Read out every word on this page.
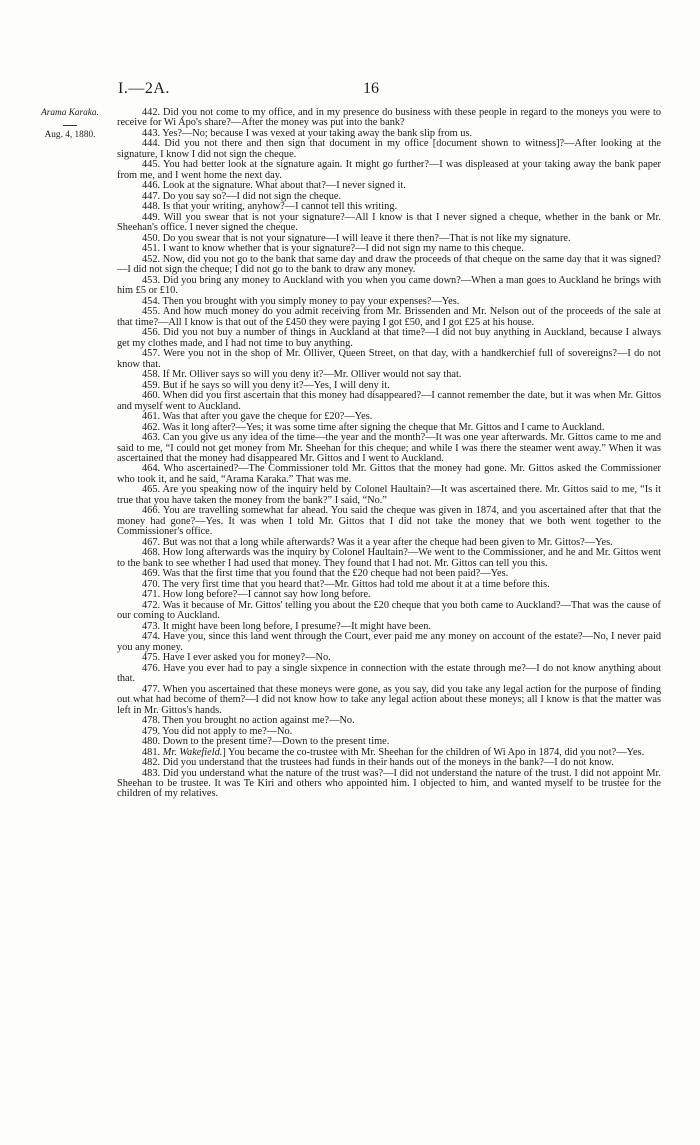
I.—2A.	16
Arama Karaka.
Aug. 4, 1880.

442. Did you not come to my office, and in my presence do business with these people in regard to the moneys you were to receive for Wi Apo's share?—After the money was put into the bank?

443. Yes?—No; because I was vexed at your taking away the bank slip from us.

444. Did you not there and then sign that document in my office [document shown to witness]?—After looking at the signature, I know I did not sign the cheque.

445. You had better look at the signature again. It might go further?—I was displeased at your taking away the bank paper from me, and I went home the next day.

446. Look at the signature. What about that?—I never signed it.

447. Do you say so?—I did not sign the cheque.

448. Is that your writing, anyhow?—I cannot tell this writing.

449. Will you swear that is not your signature?—All I know is that I never signed a cheque, whether in the bank or Mr. Sheehan's office. I never signed the cheque.

450. Do you swear that is not your signature—I will leave it there then?—That is not like my signature.

451. I want to know whether that is your signature?—I did not sign my name to this cheque.

452. Now, did you not go to the bank that same day and draw the proceeds of that cheque on the same day that it was signed?—I did not sign the cheque; I did not go to the bank to draw any money.

453. Did you bring any money to Auckland with you when you came down?—When a man goes to Auckland he brings with him £5 or £10.

454. Then you brought with you simply money to pay your expenses?—Yes.

455. And how much money do you admit receiving from Mr. Brissenden and Mr. Nelson out of the proceeds of the sale at that time?—All I know is that out of the £450 they were paying I got £50, and I got £25 at his house.

456. Did you not buy a number of things in Auckland at that time?—I did not buy anything in Auckland, because I always get my clothes made, and I had not time to buy anything.

457. Were you not in the shop of Mr. Olliver, Queen Street, on that day, with a handkerchief full of sovereigns?—I do not know that.

458. If Mr. Olliver says so will you deny it?—Mr. Olliver would not say that.

459. But if he says so will you deny it?—Yes, I will deny it.

460. When did you first ascertain that this money had disappeared?—I cannot remember the date, but it was when Mr. Gittos and myself went to Auckland.

461. Was that after you gave the cheque for £20?—Yes.

462. Was it long after?—Yes; it was some time after signing the cheque that Mr. Gittos and I came to Auckland.

463. Can you give us any idea of the time—the year and the month?—It was one year afterwards. Mr. Gittos came to me and said to me, “I could not get money from Mr. Sheehan for this cheque; and while I was there the steamer went away.” When it was ascertained that the money had disappeared Mr. Gittos and I went to Auckland.

464. Who ascertained?—The Commissioner told Mr. Gittos that the money had gone. Mr. Gittos asked the Commissioner who took it, and he said, “Arama Karaka.” That was me.

465. Are you speaking now of the inquiry held by Colonel Haultain?—It was ascertained there. Mr. Gittos said to me, “Is it true that you have taken the money from the bank?” I said, “No.”

466. You are travelling somewhat far ahead. You said the cheque was given in 1874, and you ascertained after that that the money had gone?—Yes. It was when I told Mr. Gittos that I did not take the money that we both went together to the Commissioner's office.

467. But was not that a long while afterwards? Was it a year after the cheque had been given to Mr. Gittos?—Yes.

468. How long afterwards was the inquiry by Colonel Haultain?—We went to the Commissioner, and he and Mr. Gittos went to the bank to see whether I had used that money. They found that I had not. Mr. Gittos can tell you this.

469. Was that the first time that you found that the £20 cheque had not been paid?—Yes.

470. The very first time that you heard that?—Mr. Gittos had told me about it at a time before this.

471. How long before?—I cannot say how long before.

472. Was it because of Mr. Gittos' telling you about the £20 cheque that you both came to Auckland?—That was the cause of our coming to Auckland.

473. It might have been long before, I presume?—It might have been.

474. Have you, since this land went through the Court, ever paid me any money on account of the estate?—No, I never paid you any money.

475. Have I ever asked you for money?—No.

476. Have you ever had to pay a single sixpence in connection with the estate through me?—I do not know anything about that.

477. When you ascertained that these moneys were gone, as you say, did you take any legal action for the purpose of finding out what had become of them?—I did not know how to take any legal action about these moneys; all I know is that the matter was left in Mr. Gittos's hands.

478. Then you brought no action against me?—No.

479. You did not apply to me?—No.

480. Down to the present time?—Down to the present time.

481. Mr. Wakefield.] You became the co-trustee with Mr. Sheehan for the children of Wi Apo in 1874, did you not?—Yes.

482. Did you understand that the trustees had funds in their hands out of the moneys in the bank?—I do not know.

483. Did you understand what the nature of the trust was?—I did not understand the nature of the trust. I did not appoint Mr. Sheehan to be trustee. It was Te Kiri and others who appointed him. I objected to him, and wanted myself to be trustee for the children of my relatives.
